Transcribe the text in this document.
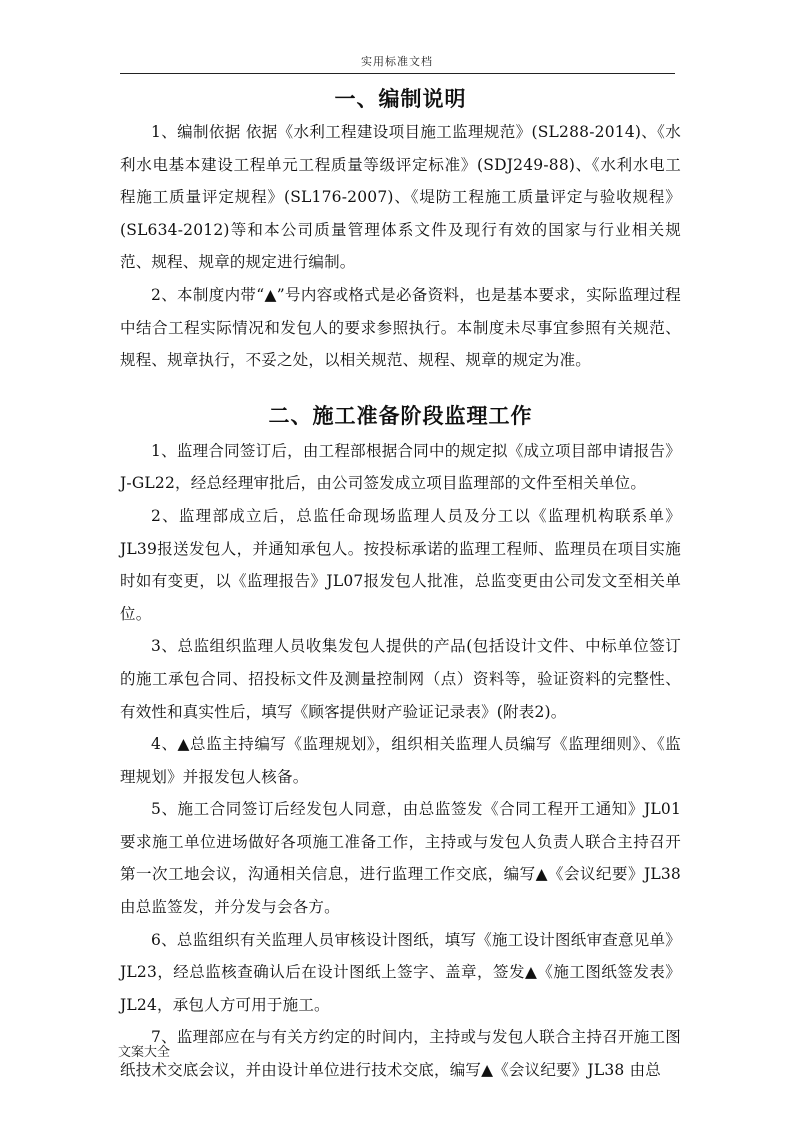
实用标准文档
一、编制说明

1、编制依据 依据《水利工程建设项目施工监理规范》(SL288-2014)、《水利水电基本建设工程单元工程质量等级评定标准》(SDJ249-88)、《水利水电工程施工质量评定规程》(SL176-2007)、《堤防工程施工质量评定与验收规程》(SL634-2012)等和本公司质量管理体系文件及现行有效的国家与行业相关规范、规程、规章的规定进行编制。

2、本制度内带“▲”号内容或格式是必备资料，也是基本要求，实际监理过程中结合工程实际情况和发包人的要求参照执行。本制度未尽事宜参照有关规范、规程、规章执行，不妥之处，以相关规范、规程、规章的规定为准。

二、施工准备阶段监理工作

1、监理合同签订后，由工程部根据合同中的规定拟《成立项目部申请报告》J-GL22，经总经理审批后，由公司签发成立项目监理部的文件至相关单位。

2、监理部成立后，总监任命现场监理人员及分工以《监理机构联系单》JL39报送发包人，并通知承包人。按投标承诺的监理工程师、监理员在项目实施时如有变更，以《监理报告》JL07报发包人批准，总监变更由公司发文至相关单位。

3、总监组织监理人员收集发包人提供的产品(包括设计文件、中标单位签订的施工承包合同、招投标文件及测量控制网（点）资料等，验证资料的完整性、有效性和真实性后，填写《顾客提供财产验证记录表》(附表2)。

4、▲总监主持编写《监理规划》，组织相关监理人员编写《监理细则》、《监理规划》并报发包人核备。

5、施工合同签订后经发包人同意，由总监签发《合同工程开工通知》JL01要求施工单位进场做好各项施工准备工作，主持或与发包人负责人联合主持召开第一次工地会议，沟通相关信息，进行监理工作交底，编写▲《会议纪要》JL38由总监签发，并分发与会各方。

6、总监组织有关监理人员审核设计图纸，填写《施工设计图纸审查意见单》JL23，经总监核查确认后在设计图纸上签字、盖章，签发▲《施工图纸签发表》JL24，承包人方可用于施工。

7、监理部应在与有关方约定的时间内，主持或与发包人联合主持召开施工图纸技术交底会议，并由设计单位进行技术交底，编写▲《会议纪要》JL38 由总

文案大全
